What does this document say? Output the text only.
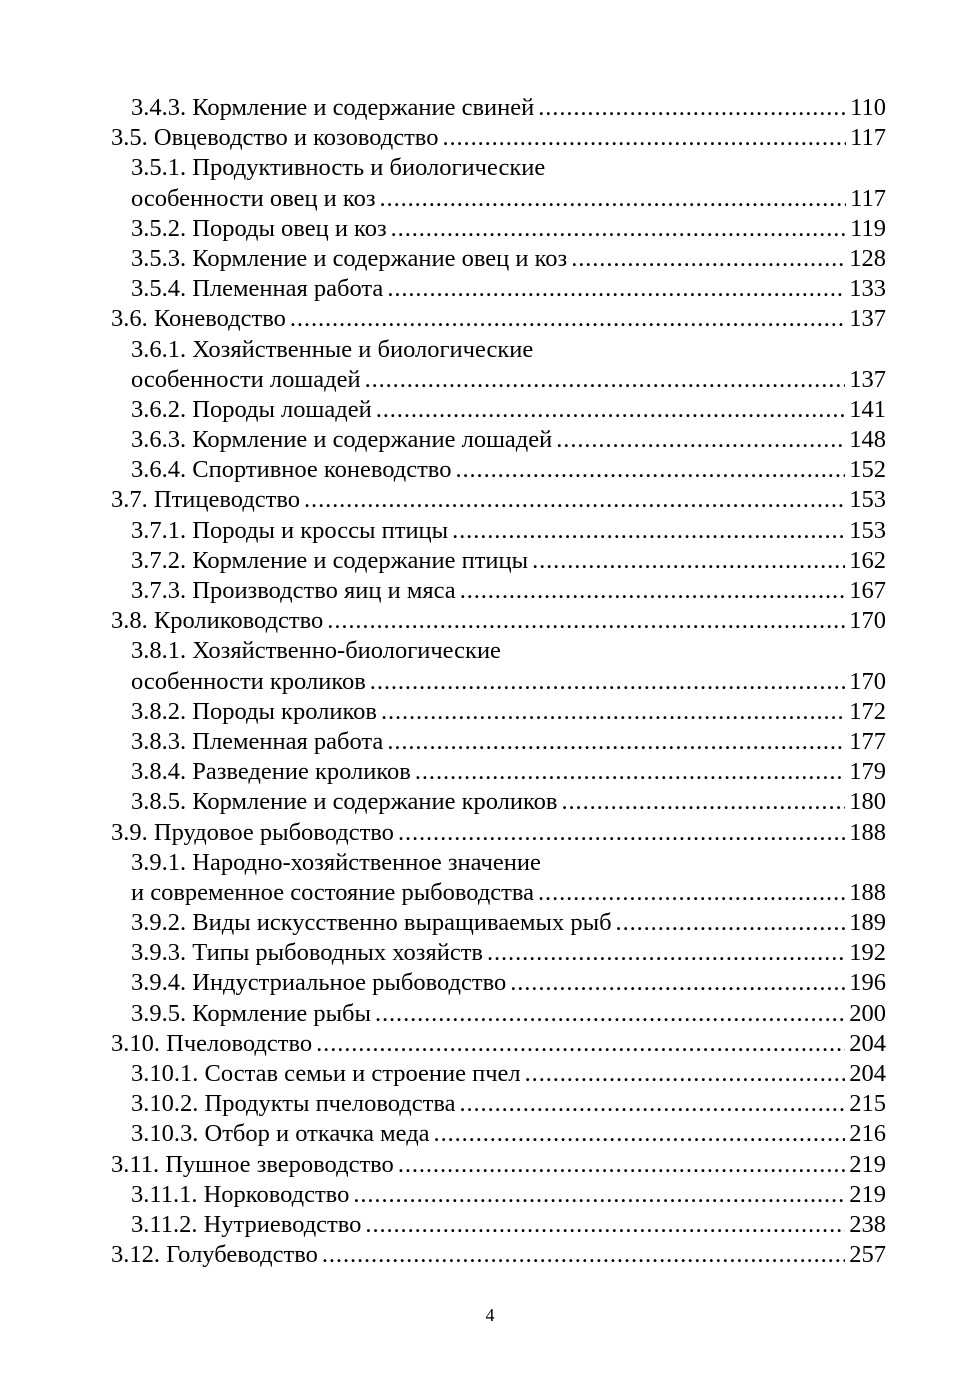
3.4.3. Кормление и содержание свиней .....	110
3.5. Овцеводство и козоводство .....	117
3.5.1. Продуктивность и биологические
особенности овец и коз .....	117
3.5.2. Породы овец и коз .....	119
3.5.3. Кормление и содержание овец и коз .....	128
3.5.4. Племенная работа .....	133
3.6. Коневодство .....	137
3.6.1. Хозяйственные и биологические
особенности лошадей .....	137
3.6.2. Породы лошадей .....	141
3.6.3. Кормление и содержание лошадей .....	148
3.6.4. Спортивное коневодство .....	152
3.7. Птицеводство .....	153
3.7.1. Породы и кроссы птицы .....	153
3.7.2. Кормление и содержание птицы .....	162
3.7.3. Производство яиц и мяса .....	167
3.8. Кролиководство .....	170
3.8.1. Хозяйственно-биологические
особенности кроликов .....	170
3.8.2. Породы кроликов .....	172
3.8.3. Племенная работа .....	177
3.8.4. Разведение кроликов .....	179
3.8.5. Кормление и содержание кроликов .....	180
3.9. Прудовое рыбоводство .....	188
3.9.1. Народно-хозяйственное значение
и современное состояние рыбоводства .....	188
3.9.2. Виды искусственно выращиваемых рыб .....	189
3.9.3. Типы рыбоводных хозяйств .....	192
3.9.4. Индустриальное рыбоводство .....	196
3.9.5. Кормление рыбы .....	200
3.10. Пчеловодство .....	204
3.10.1. Состав семьи и строение пчел .....	204
3.10.2. Продукты пчеловодства .....	215
3.10.3. Отбор и откачка меда .....	216
3.11. Пушное звероводство .....	219
3.11.1. Норководство .....	219
3.11.2. Нутриеводство .....	238
3.12. Голубеводство .....	257
4
